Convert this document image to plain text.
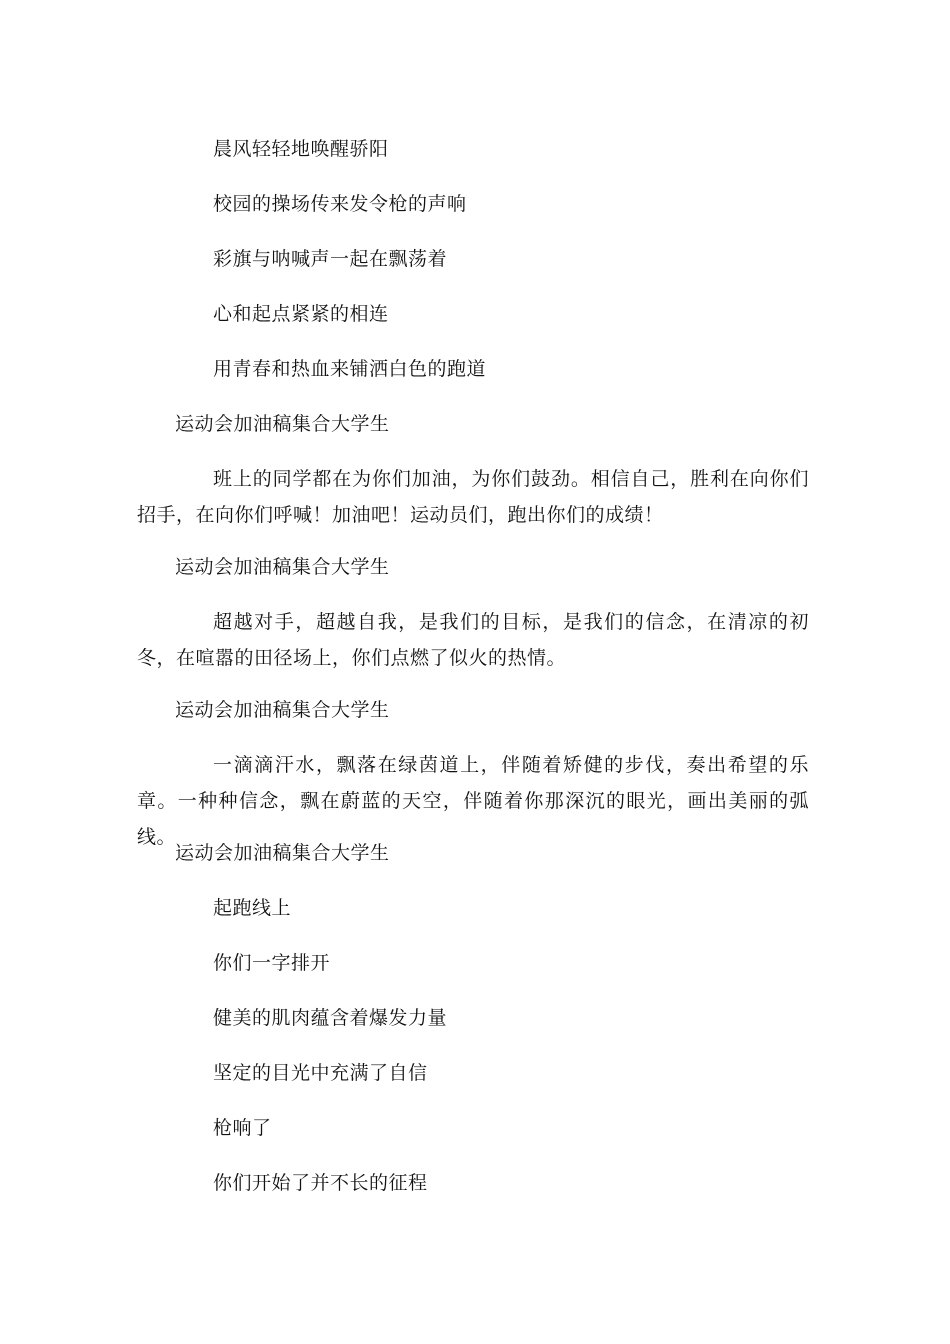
晨风轻轻地唤醒骄阳
校园的操场传来发令枪的声响
彩旗与呐喊声一起在飘荡着
心和起点紧紧的相连
用青春和热血来铺洒白色的跑道
运动会加油稿集合大学生
班上的同学都在为你们加油，为你们鼓劲。相信自己，胜利在向你们招手，在向你们呼喊！加油吧！运动员们，跑出你们的成绩！
运动会加油稿集合大学生
超越对手，超越自我，是我们的目标，是我们的信念，在清凉的初冬，在喧嚣的田径场上，你们点燃了似火的热情。
运动会加油稿集合大学生
一滴滴汗水，飘落在绿茵道上，伴随着矫健的步伐，奏出希望的乐章。一种种信念，飘在蔚蓝的天空，伴随着你那深沉的眼光，画出美丽的弧线。
运动会加油稿集合大学生
起跑线上
你们一字排开
健美的肌肉蕴含着爆发力量
坚定的目光中充满了自信
枪响了
你们开始了并不长的征程
